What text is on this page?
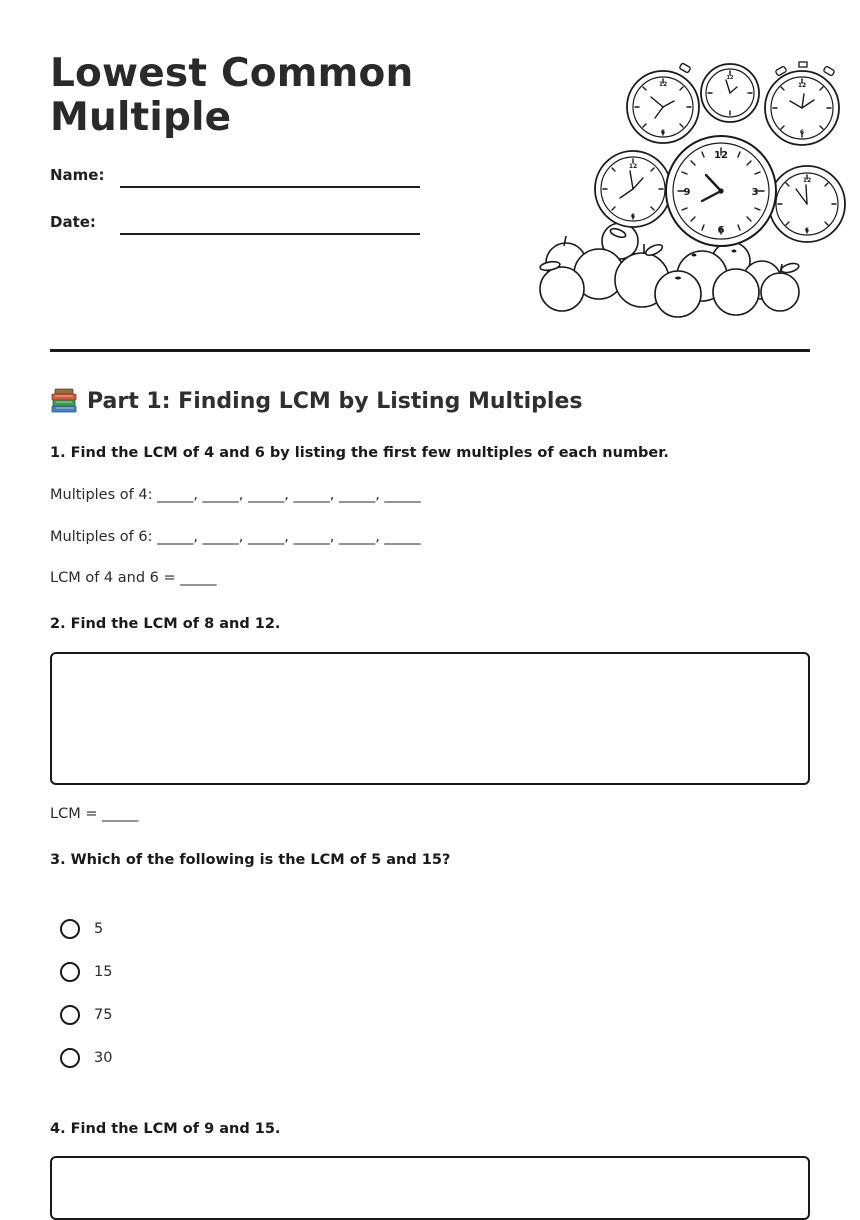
Lowest Common Multiple
Name:
Date:
12
6
3
9
12
6
12
6
12
6
12
6
12
Part 1: Finding LCM by Listing Multiples

1. Find the LCM of 4 and 6 by listing the first few multiples of each number.

Multiples of 4: _____, _____, _____, _____, _____, _____

Multiples of 6: _____, _____, _____, _____, _____, _____

LCM of 4 and 6 = _____

2. Find the LCM of 8 and 12.

LCM = _____

3. Which of the following is the LCM of 5 and 15?

5
15
75
30

4. Find the LCM of 9 and 15.
